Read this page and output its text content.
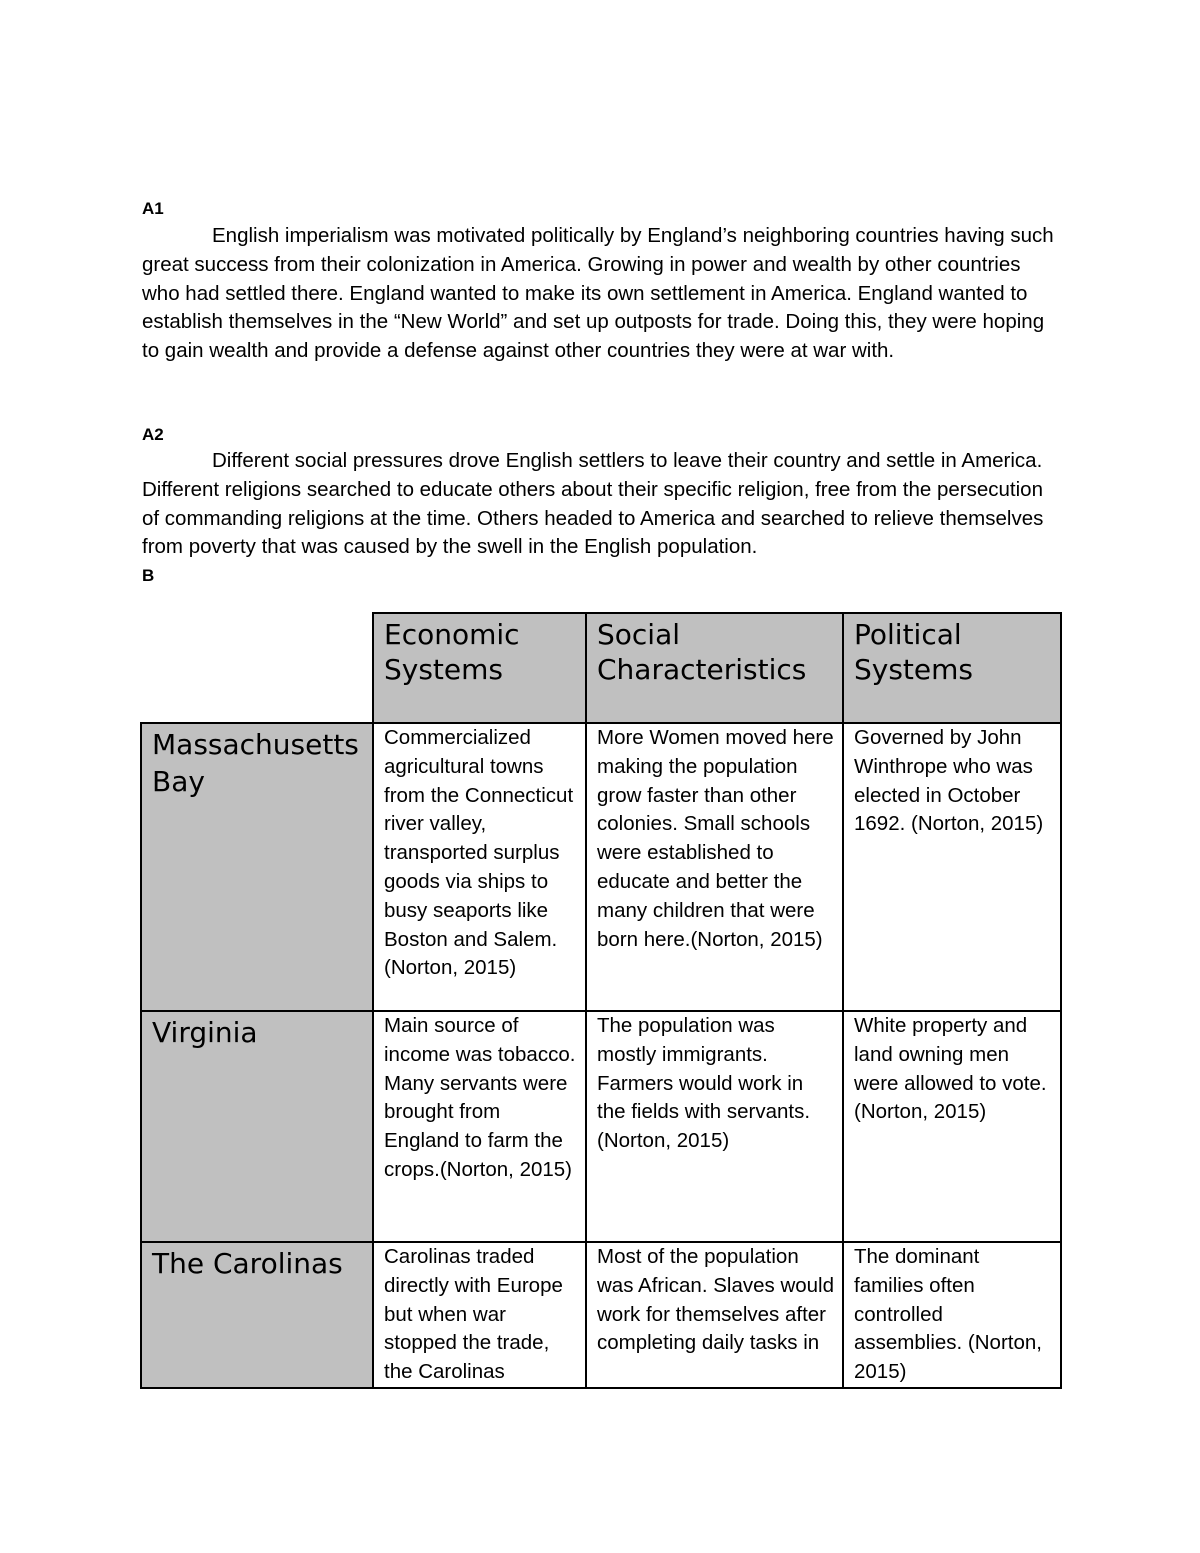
A1
English imperialism was motivated politically by England’s neighboring countries having such great success from their colonization in America. Growing in power and wealth by other countries who had settled there. England wanted to make its own settlement in America. England wanted to establish themselves in the “New World” and set up outposts for trade. Doing this, they were hoping to gain wealth and provide a defense against other countries they were at war with.
A2
Different social pressures drove English settlers to leave their country and settle in America. Different religions searched to educate others about their specific religion, free from the persecution of commanding religions at the time. Others headed to America and searched to relieve themselves from poverty that was caused by the swell in the English population.
B
	Economic Systems	Social Characteristics	Political Systems
Massachusetts Bay	Commercialized agricultural towns from the Connecticut river valley, transported surplus goods via ships to busy seaports like Boston and Salem.(Norton, 2015)	More Women moved here making the population grow faster than other colonies. Small schools were established to educate and better the many children that were born here.(Norton, 2015)	Governed by John Winthrope who was elected in October 1692. (Norton, 2015)
Virginia	Main source of income was tobacco. Many servants were brought from England to farm the crops.(Norton, 2015)	The population was mostly immigrants. Farmers would work in the fields with servants. (Norton, 2015)	White property and land owning men were allowed to vote. (Norton, 2015)
The Carolinas	Carolinas traded directly with Europe but when war stopped the trade, the Carolinas	Most of the population was African. Slaves would work for themselves after completing daily tasks in	The dominant families often controlled assemblies. (Norton, 2015)
